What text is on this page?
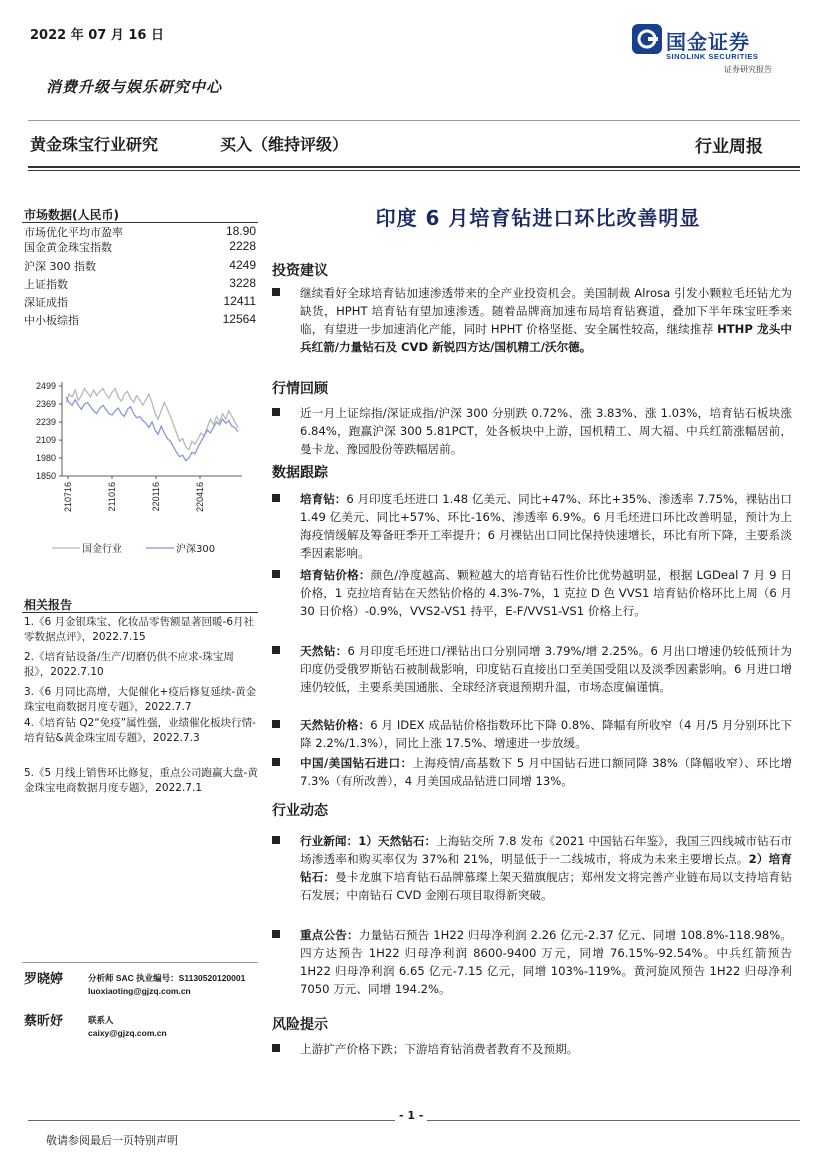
2022 年 07 月 16 日	国金证券
SINOLINK SECURITIES
证券研究报告
消费升级与娱乐研究中心
黄金珠宝行业研究	买入（维持评级）	行业周报
市场数据(人民币)
市场优化平均市盈率	18.90
国金黄金珠宝指数	2228
沪深 300 指数	4249
上证指数	3228
深证成指	12411
中小板综指	12564
2499
2369
2239
2109
1980
1850
210716	211016	220116	220416
国金行业	沪深300
相关报告
1.《6 月金银珠宝、化妆品零售额显著回暖-6月社零数据点评》，2022.7.15
2.《培育钻设备/生产/切磨仍供不应求-珠宝周报》，2022.7.10
3.《6 月同比高增，大促催化+疫后修复延续-黄金珠宝电商数据月度专题》，2022.7.7
4.《培育钻 Q2“免疫”属性强，业绩催化板块行情-培育钻&黄金珠宝周专题》，2022.7.3
5.《5 月线上销售环比修复，重点公司跑赢大盘-黄金珠宝电商数据月度专题》，2022.7.1
罗晓婷	分析师 SAC 执业编号：S1130520120001
luoxiaoting@gjzq.com.cn
蔡昕妤	联系人
caixy@gjzq.com.cn
印度 6 月培育钻进口环比改善明显
投资建议
继续看好全球培育钻加速渗透带来的全产业投资机会。美国制裁 Alrosa 引发小颗粒毛坯钻尤为缺货，HPHT 培育钻有望加速渗透。随着品牌商加速布局培育钻赛道，叠加下半年珠宝旺季来临，有望进一步加速消化产能，同时 HPHT 价格坚挺、安全属性较高，继续推荐 HTHP 龙头中兵红箭/力量钻石及 CVD 新锐四方达/国机精工/沃尔德。
行情回顾
近一月上证综指/深证成指/沪深 300 分别跌 0.72%、涨 3.83%、涨 1.03%，培育钻石板块涨 6.84%，跑赢沪深 300 5.81PCT，处各板块中上游，国机精工、周大福、中兵红箭涨幅居前，曼卡龙、豫园股份等跌幅居前。
数据跟踪
培育钻：6 月印度毛坯进口 1.48 亿美元、同比+47%、环比+35%、渗透率 7.75%，裸钻出口 1.49 亿美元、同比+57%、环比-16%、渗透率 6.9%。6 月毛坯进口环比改善明显，预计为上海疫情缓解及筹备旺季开工率提升；6 月裸钻出口同比保持快速增长，环比有所下降，主要系淡季因素影响。
培育钻价格：颜色/净度越高、颗粒越大的培育钻石性价比优势越明显，根据 LGDeal 7 月 9 日价格，1 克拉培育钻在天然钻价格的 4.3%-7%，1 克拉 D 色 VVS1 培育钻价格环比上周（6 月 30 日价格）-0.9%，VVS2-VS1 持平，E-F/VVS1-VS1 价格上行。
天然钻：6 月印度毛坯进口/裸钻出口分别同增 3.79%/增 2.25%。6 月出口增速仍较低预计为印度仍受俄罗斯钻石被制裁影响，印度钻石直接出口至美国受阻以及淡季因素影响。6 月进口增速仍较低，主要系美国通胀、全球经济衰退预期升温，市场态度偏谨慎。
天然钻价格：6 月 IDEX 成品钻价格指数环比下降 0.8%、降幅有所收窄（4 月/5 月分别环比下降 2.2%/1.3%），同比上涨 17.5%、增速进一步放缓。
中国/美国钻石进口：上海疫情/高基数下 5 月中国钻石进口额同降 38%（降幅收窄）、环比增 7.3%（有所改善），4 月美国成品钻进口同增 13%。
行业动态
行业新闻：1）天然钻石：上海钻交所 7.8 发布《2021 中国钻石年鉴》，我国三四线城市钻石市场渗透率和购买率仅为 37%和 21%，明显低于一二线城市，将成为未来主要增长点。2）培育钻石：曼卡龙旗下培育钻石品牌慕璨上架天猫旗舰店；郑州发文将完善产业链布局以支持培育钻石发展；中南钻石 CVD 金刚石项目取得新突破。
重点公告：力量钻石预告 1H22 归母净利润 2.26 亿元-2.37 亿元、同增 108.8%-118.98%。四方达预告 1H22 归母净利润 8600-9400 万元，同增 76.15%-92.54%。中兵红箭预告 1H22 归母净利润 6.65 亿元-7.15 亿元，同增 103%-119%。黄河旋风预告 1H22 归母净利 7050 万元、同增 194.2%。
风险提示
上游扩产价格下跌；下游培育钻消费者教育不及预期。
- 1 -
敬请参阅最后一页特别声明
